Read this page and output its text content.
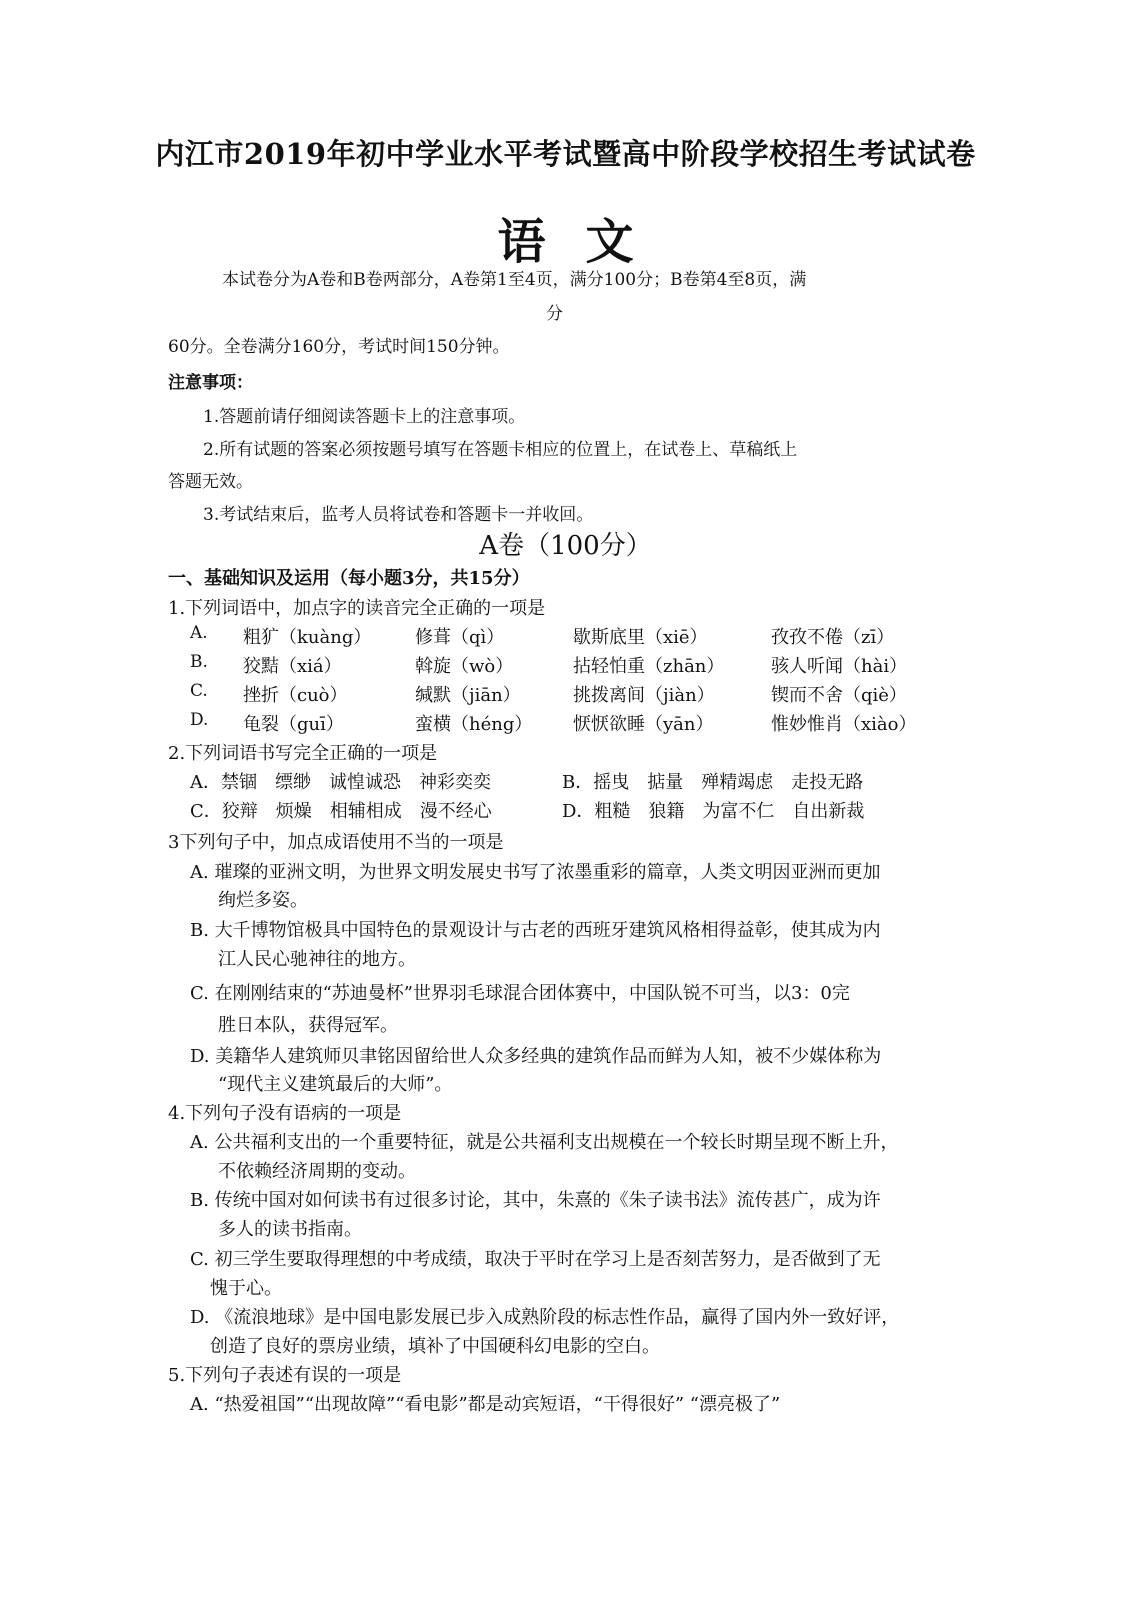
内江市2019年初中学业水平考试暨高中阶段学校招生考试试卷
语文
本试卷分为A卷和B卷两部分，A卷第1至4页，满分100分；B卷第4至8页，满
分
60分。全卷满分160分，考试时间150分钟。
注意事项：
1.答题前请仔细阅读答题卡上的注意事项。
2.所有试题的答案必须按题号填写在答题卡相应的位置上，在试卷上、草稿纸上
答题无效。
3.考试结束后，监考人员将试卷和答题卡一并收回。
A卷（100分）
一、基础知识及运用（每小题3分，共15分）
1.下列词语中，加点字的读音完全正确的一项是
A. 粗犷（kuàng） 修葺（qì）	歇斯底里（xiē）	孜孜不倦（zī）
B. 狡黠（xiá）	斡旋（wò）	拈轻怕重（zhān）	骇人听闻（hài）
C. 挫折（cuò）	缄默（jiān）	挑拨离间（jiàn）	锲而不舍（qiè）
D. 龟裂（guī）	蛮横（héng） 恹恹欲睡（yān）	惟妙惟肖（xiào）
2.下列词语书写完全正确的一项是
A．禁锢　缥缈　诚惶诚恐　神彩奕奕	B．摇曳　掂量　殚精竭虑　走投无路
C．狡辩　烦燥　相辅相成　漫不经心	D．粗糙　狼籍　为富不仁　自出新裁
3下列句子中，加点成语使用不当的一项是
A. 璀璨的亚洲文明，为世界文明发展史书写了浓墨重彩的篇章，人类文明因亚洲而更加
绚烂多姿。
B. 大千博物馆极具中国特色的景观设计与古老的西班牙建筑风格相得益彰，使其成为内
江人民心驰神往的地方。
C. 在刚刚结束的“苏迪曼杯”世界羽毛球混合团体赛中，中国队锐不可当，以3：0完
胜日本队，获得冠军。
D. 美籍华人建筑师贝聿铭因留给世人众多经典的建筑作品而鲜为人知，被不少媒体称为
“现代主义建筑最后的大师”。
4.下列句子没有语病的一项是
A. 公共福利支出的一个重要特征，就是公共福利支出规模在一个较长时期呈现不断上升，
不依赖经济周期的变动。
B. 传统中国对如何读书有过很多讨论，其中，朱熹的《朱子读书法》流传甚广，成为许
多人的读书指南。
C. 初三学生要取得理想的中考成绩，取决于平时在学习上是否刻苦努力，是否做到了无
愧于心。
D. 《流浪地球》是中国电影发展已步入成熟阶段的标志性作品，赢得了国内外一致好评，
创造了良好的票房业绩，填补了中国硬科幻电影的空白。
5.下列句子表述有误的一项是
A. “热爱祖国”“出现故障”“看电影”都是动宾短语，“干得很好” “漂亮极了”
